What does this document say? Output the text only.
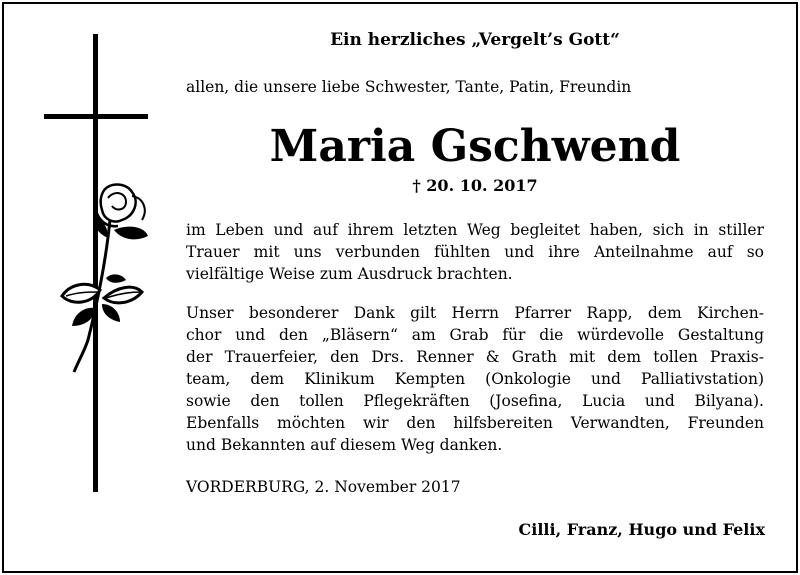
Ein herzliches „Vergelt’s Gott“
allen, die unsere liebe Schwester, Tante, Patin, Freundin
Maria Gschwend
† 20. 10. 2017
im Leben und auf ihrem letzten Weg begleitet haben, sich in stiller
Trauer mit uns verbunden fühlten und ihre Anteilnahme auf so
vielfältige Weise zum Ausdruck brachten.
Unser besonderer Dank gilt Herrn Pfarrer Rapp, dem Kirchen-
chor und den „Bläsern“ am Grab für die würdevolle Gestaltung
der Trauerfeier, den Drs. Renner & Grath mit dem tollen Praxis-
team, dem Klinikum Kempten (Onkologie und Palliativstation)
sowie den tollen Pflegekräften (Josefina, Lucia und Bilyana).
Ebenfalls möchten wir den hilfsbereiten Verwandten, Freunden
und Bekannten auf diesem Weg danken.
VORDERBURG, 2. November 2017
Cilli, Franz, Hugo und Felix
